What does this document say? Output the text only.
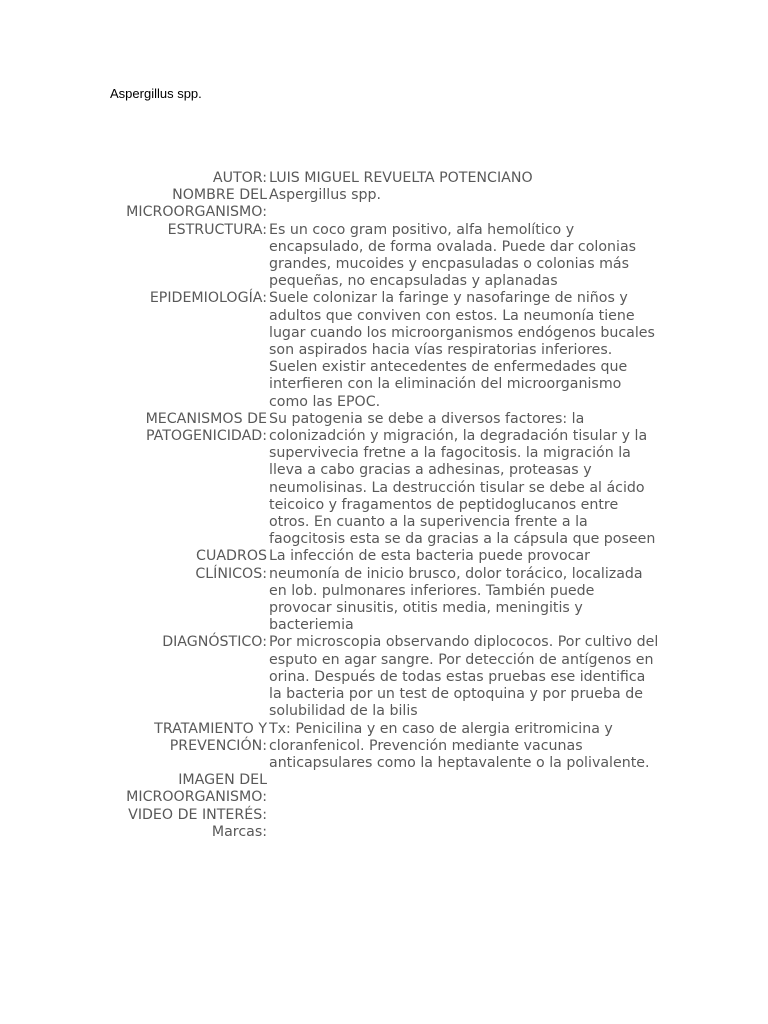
Aspergillus spp.

AUTOR: LUIS MIGUEL REVUELTA POTENCIANO
NOMBRE DEL
MICROORGANISMO:
Aspergillus spp.
ESTRUCTURA: Es un coco gram positivo, alfa hemolítico y encapsulado, de forma ovalada. Puede dar colonias grandes, mucoides y encpasuladas o colonias más pequeñas, no encapsuladas y aplanadas
EPIDEMIOLOGÍA: Suele colonizar la faringe y nasofaringe de niños y adultos que conviven con estos. La neumonía tiene lugar cuando los microorganismos endógenos bucales son aspirados hacia vías respiratorias inferiores. Suelen existir antecedentes de enfermedades que interfieren con la eliminación del microorganismo como las EPOC.
MECANISMOS DE
PATOGENICIDAD:
Su patogenia se debe a diversos factores: la colonizadción y migración, la degradación tisular y la supervivecia fretne a la fagocitosis. la migración la lleva a cabo gracias a adhesinas, proteasas y neumolisinas. La destrucción tisular se debe al ácido teicoico y fragamentos de peptidoglucanos entre otros. En cuanto a la superivencia frente a la faogcitosis esta se da gracias a la cápsula que poseen
CUADROS
CLÍNICOS:
La infección de esta bacteria puede provocar neumonía de inicio brusco, dolor torácico, localizada en lob. pulmonares inferiores. También puede provocar sinusitis, otitis media, meningitis y bacteriemia
DIAGNÓSTICO: Por microscopia observando diplococos. Por cultivo del esputo en agar sangre. Por detección de antígenos en orina. Después de todas estas pruebas ese identifica la bacteria por un test de optoquina y por prueba de solubilidad de la bilis
TRATAMIENTO Y
PREVENCIÓN:
Tx: Penicilina y en caso de alergia eritromicina y cloranfenicol. Prevención mediante vacunas anticapsulares como la heptavalente o la polivalente.
IMAGEN DEL
MICROORGANISMO:
VIDEO DE INTERÉS:
Marcas:
